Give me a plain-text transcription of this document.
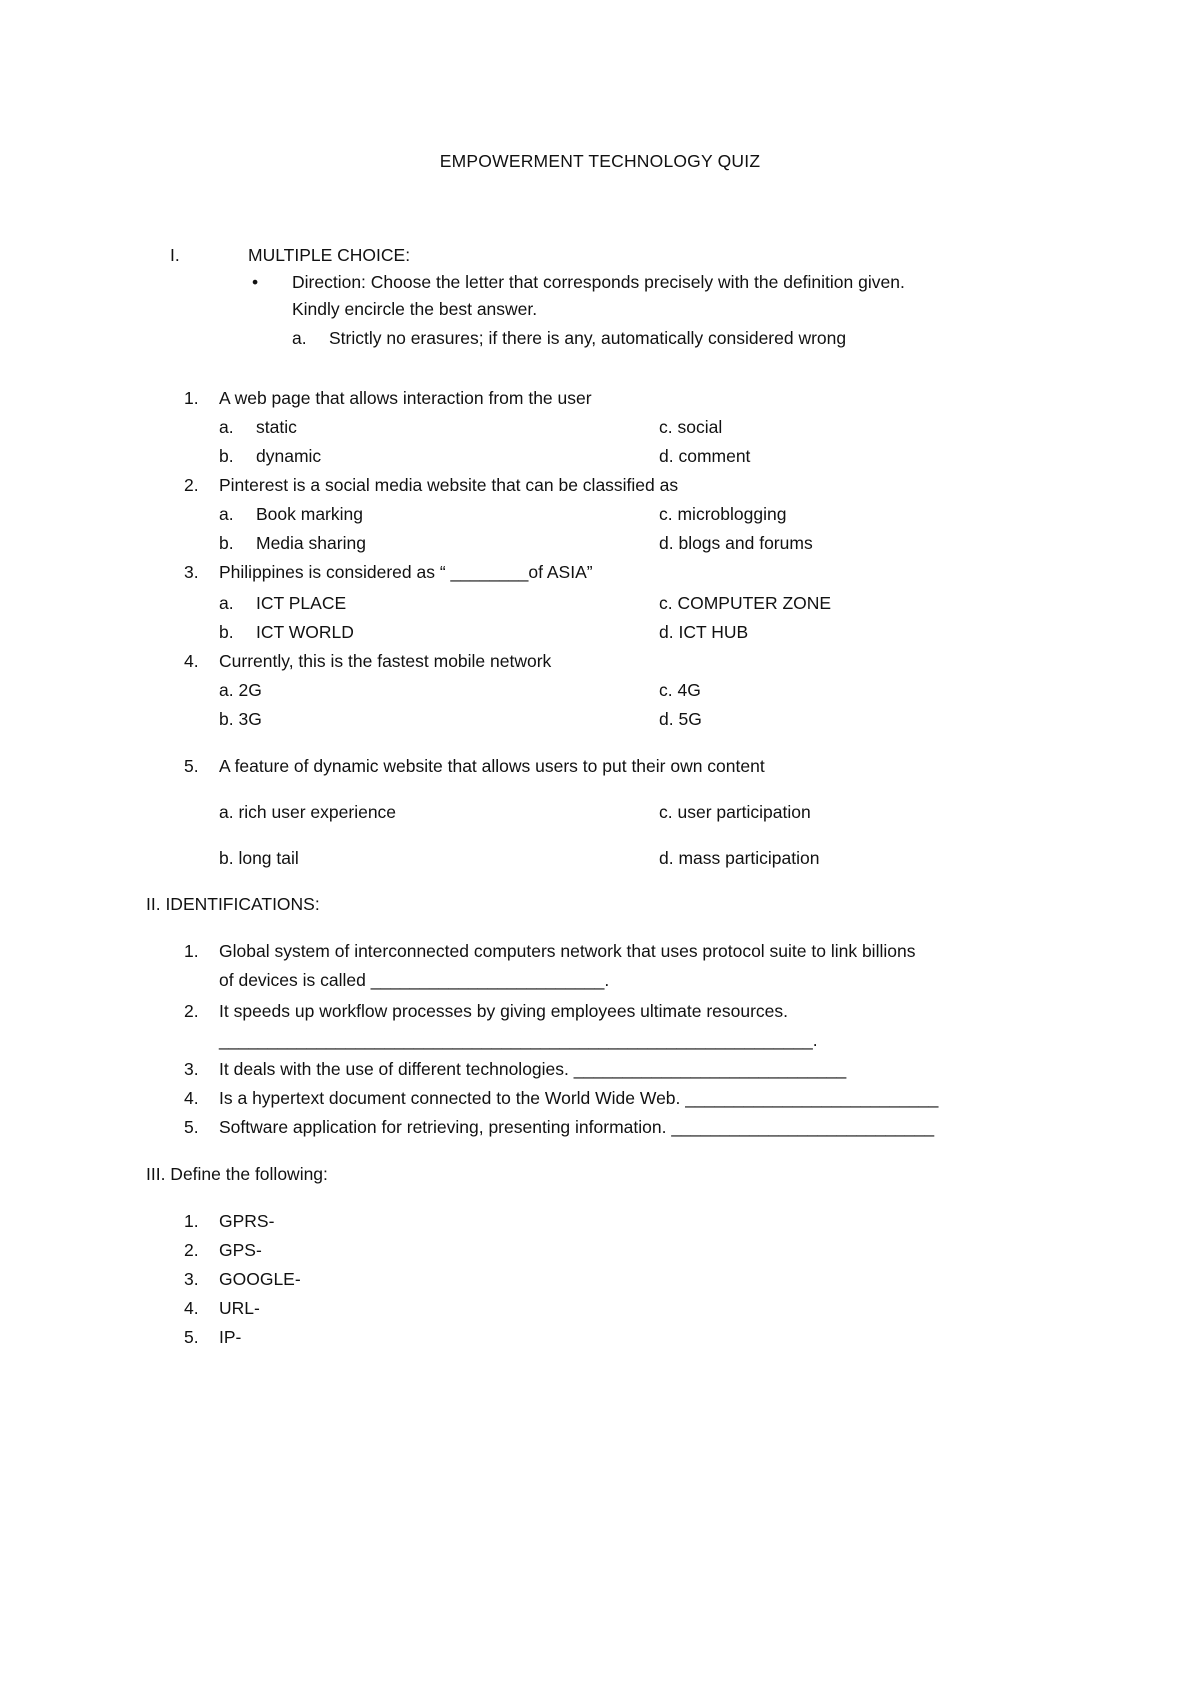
EMPOWERMENT TECHNOLOGY QUIZ
I.	MULTIPLE CHOICE:
• Direction: Choose the letter that corresponds precisely with the definition given.
Kindly encircle the best answer.
a. Strictly no erasures; if there is any, automatically considered wrong
1. A web page that allows interaction from the user
a. static	c. social
b. dynamic	d. comment
2. Pinterest is a social media website that can be classified as
a. Book marking	c. microblogging
b. Media sharing	d. blogs and forums
3. Philippines is considered as “ ________of ASIA”
a. ICT PLACE	c. COMPUTER ZONE
b. ICT WORLD	d. ICT HUB
4. Currently, this is the fastest mobile network
a. 2G	c. 4G
b. 3G	d. 5G
5. A feature of dynamic website that allows users to put their own content
a. rich user experience	c. user participation
b. long tail	d. mass participation
II. IDENTIFICATIONS:
1. Global system of interconnected computers network that uses protocol suite to link billions
of devices is called ________________________.
2. It speeds up workflow processes by giving employees ultimate resources.
_____________________________________________________________.
3. It deals with the use of different technologies. ____________________________
4. Is a hypertext document connected to the World Wide Web. __________________________
5. Software application for retrieving, presenting information. ___________________________
III. Define the following:
1. GPRS-
2. GPS-
3. GOOGLE-
4. URL-
5. IP-
